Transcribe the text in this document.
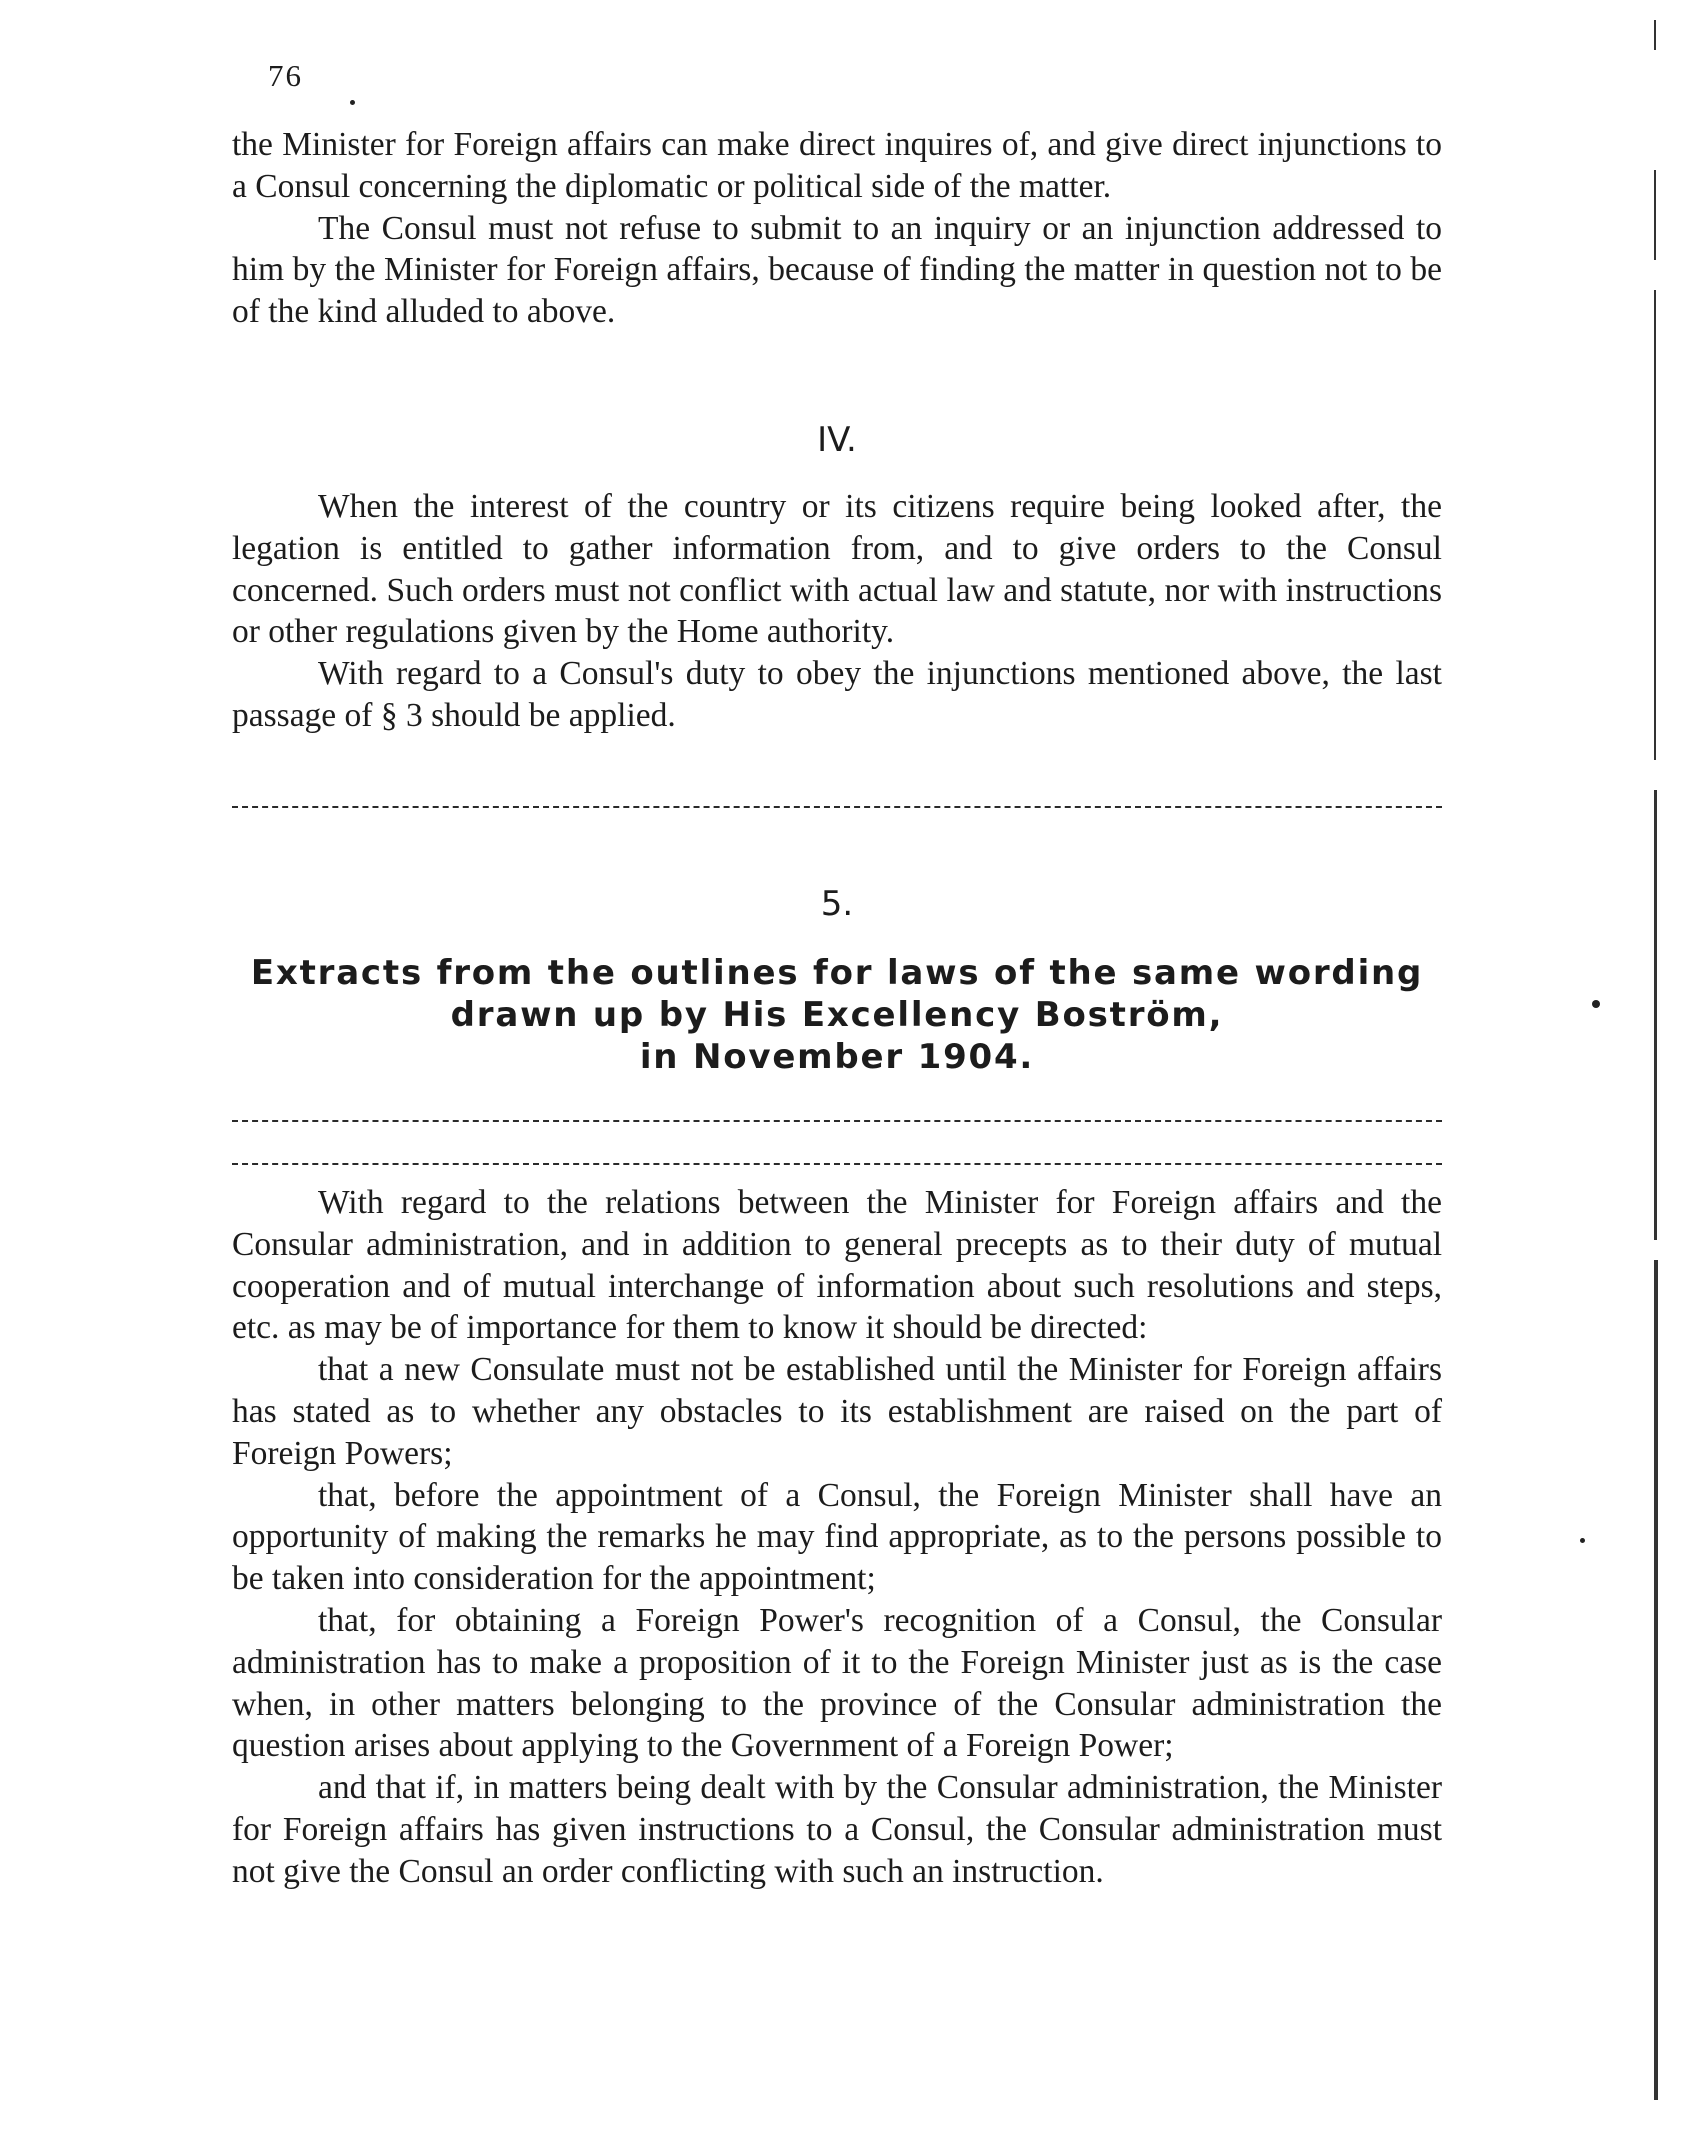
76

the Minister for Foreign affairs can make direct inquires of, and give direct injunctions to a Consul concerning the diplomatic or political side of the matter.

The Consul must not refuse to submit to an inquiry or an injunction addressed to him by the Minister for Foreign affairs, because of finding the matter in question not to be of the kind alluded to above.

IV.

When the interest of the country or its citizens require being looked after, the legation is entitled to gather information from, and to give orders to the Consul concerned. Such orders must not conflict with actual law and statute, nor with instructions or other regulations given by the Home authority.

With regard to a Consul's duty to obey the injunctions mentioned above, the last passage of § 3 should be applied.

5.
Extracts from the outlines for laws of the same wording
drawn up by His Excellency Boström,
in November 1904.

With regard to the relations between the Minister for Foreign affairs and the Consular administration, and in addition to general precepts as to their duty of mutual cooperation and of mutual interchange of information about such resolutions and steps, etc. as may be of importance for them to know it should be directed:

that a new Consulate must not be established until the Minister for Foreign affairs has stated as to whether any obstacles to its establishment are raised on the part of Foreign Powers;

that, before the appointment of a Consul, the Foreign Minister shall have an opportunity of making the remarks he may find appropriate, as to the persons possible to be taken into consideration for the appointment;

that, for obtaining a Foreign Power's recognition of a Consul, the Consular administration has to make a proposition of it to the Foreign Minister just as is the case when, in other matters belonging to the province of the Consular administration the question arises about applying to the Government of a Foreign Power;

and that if, in matters being dealt with by the Consular administration, the Minister for Foreign affairs has given instructions to a Consul, the Consular administration must not give the Consul an order conflicting with such an instruction.
